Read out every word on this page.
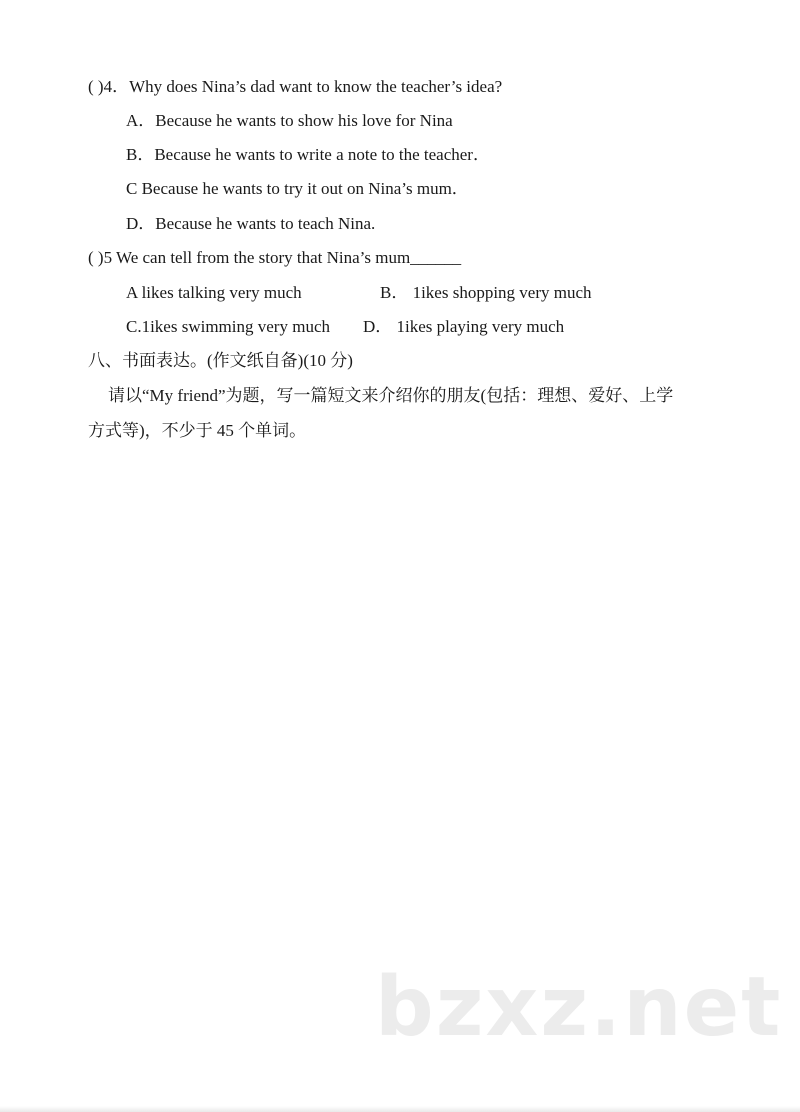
( )4．Why does Nina’s dad want to know the teacher’s idea?
A．Because he wants to show his love for Nina
B．Because he wants to write a note to the teacher．
C Because he wants to try it out on Nina’s mum．
D．Because he wants to teach Nina.
( )5 We can tell from the story that Nina’s mum______
A likes talking very much	B． 1ikes shopping very much
C.1ikes swimming very much D． 1ikes playing very much
八、书面表达。(作文纸自备)(10 分)
请以“My friend”为题，写一篇短文来介绍你的朋友(包括：理想、爱好、上学
方式等)，不少于 45 个单词。
bzxz.net
